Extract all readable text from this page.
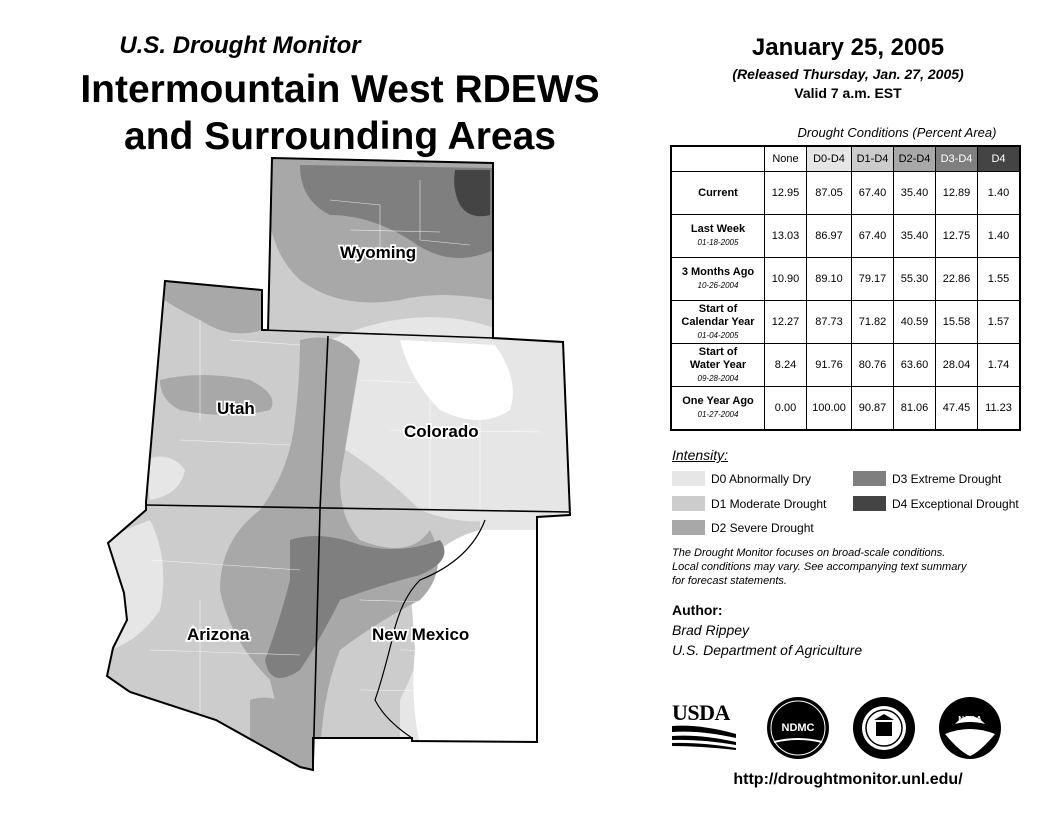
U.S. Drought Monitor
Intermountain West RDEWS
and Surrounding Areas
Wyoming
Utah
Colorado
Arizona	New Mexico
January 25, 2005
(Released Thursday, Jan. 27, 2005)
Valid 7 a.m. EST
Drought Conditions (Percent Area)
	None	D0-D4	D1-D4	D2-D4	D3-D4	D4

Current	12.95	87.05	67.40	35.40	12.89	1.40

Last Week
01-18-2005	13.03	86.97	67.40	35.40	12.75	1.40

3 Months Ago
10-26-2004	10.90	89.10	79.17	55.30	22.86	1.55

Start of
Calendar Year
01-04-2005	12.27	87.73	71.82	40.59	15.58	1.57

Start of
Water Year
09-28-2004	8.24	91.76	80.76	63.60	28.04	1.74

One Year Ago
01-27-2004	0.00	100.00	90.87	81.06	47.45	11.23
Intensity:
D0 Abnormally Dry
D1 Moderate Drought
D2 Severe Drought
D3 Extreme Drought
D4 Exceptional Drought
The Drought Monitor focuses on broad-scale conditions.
Local conditions may vary. See accompanying text summary
for forecast statements.
Author:
Brad Rippey
U.S. Department of Agriculture
USDA
NDMC
NOAA
http://droughtmonitor.unl.edu/
